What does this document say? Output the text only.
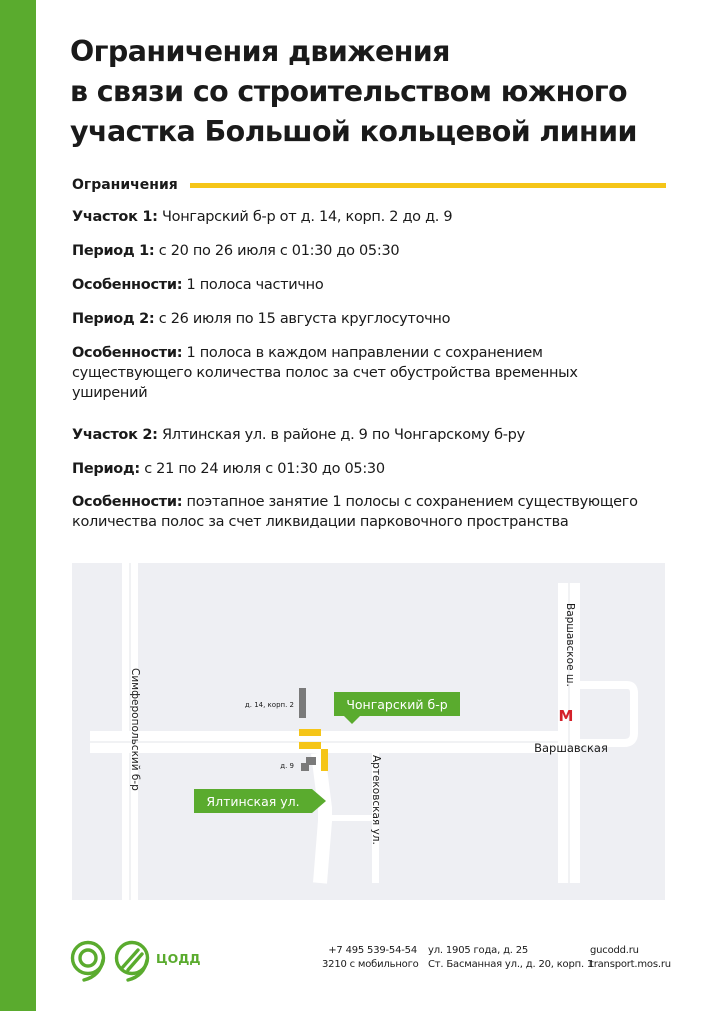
Ограничения движения
в связи со строительством южного
участка Большой кольцевой линии
Ограничения

Участок 1: Чонгарский б-р от д. 14, корп. 2 до д. 9

Период 1: с 20 по 26 июля с 01:30 до 05:30

Особенности: 1 полоса частично

Период 2: с 26 июля по 15 августа круглосуточно

Особенности: 1 полоса в каждом направлении с сохранением существующего количества полос за счет обустройства временных уширений

Участок 2: Ялтинская ул. в районе д. 9 по Чонгарскому б-ру

Период: с 21 по 24 июля с 01:30 до 05:30

Особенности: поэтапное занятие 1 полосы с сохранением существующего количества полос за счет ликвидации парковочного пространства

Симферопольский б-р
Артековская ул.
Варшавское ш.
д. 14, корп. 2
д. 9
Чонгарский б-р
Ялтинская ул.
М
Варшавская
ЦОДД
+7 495 539-54-54
3210 с мобильного
ул. 1905 года, д. 25
Ст. Басманная ул., д. 20, корп. 1
gucodd.ru
transport.mos.ru
